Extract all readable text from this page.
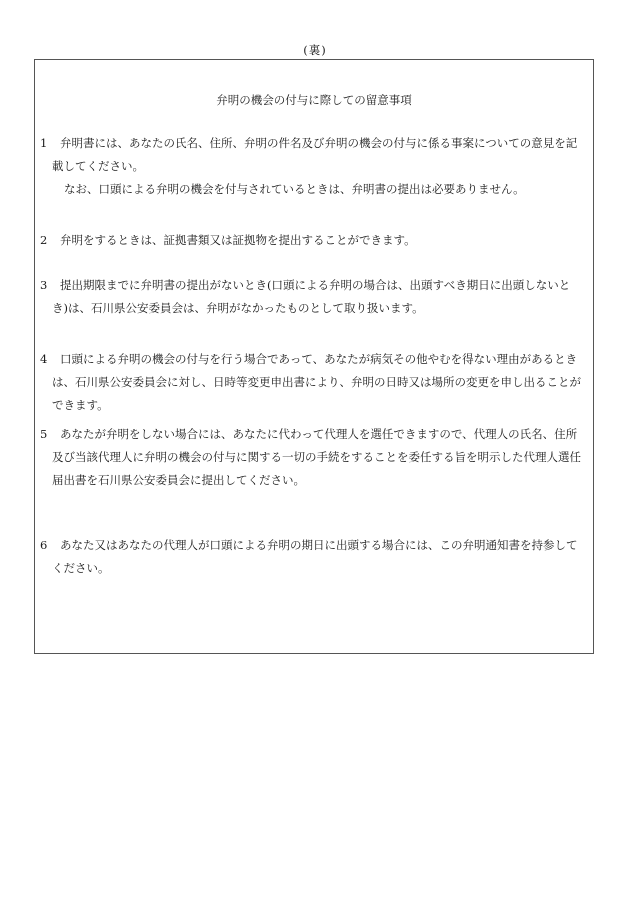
(裏)
弁明の機会の付与に際しての留意事項
1 弁明書には、あなたの氏名、住所、弁明の件名及び弁明の機会の付与に係る事案についての意見を記
載してください。
なお、口頭による弁明の機会を付与されているときは、弁明書の提出は必要ありません。
2 弁明をするときは、証拠書類又は証拠物を提出することができます。
3 提出期限までに弁明書の提出がないとき(口頭による弁明の場合は、出頭すべき期日に出頭しないと
き)は、石川県公安委員会は、弁明がなかったものとして取り扱います。
4 口頭による弁明の機会の付与を行う場合であって、あなたが病気その他やむを得ない理由があるとき
は、石川県公安委員会に対し、日時等変更申出書により、弁明の日時又は場所の変更を申し出ることが
できます。
5 あなたが弁明をしない場合には、あなたに代わって代理人を選任できますので、代理人の氏名、住所
及び当該代理人に弁明の機会の付与に関する一切の手続をすることを委任する旨を明示した代理人選任
届出書を石川県公安委員会に提出してください。
6 あなた又はあなたの代理人が口頭による弁明の期日に出頭する場合には、この弁明通知書を持参して
ください。
